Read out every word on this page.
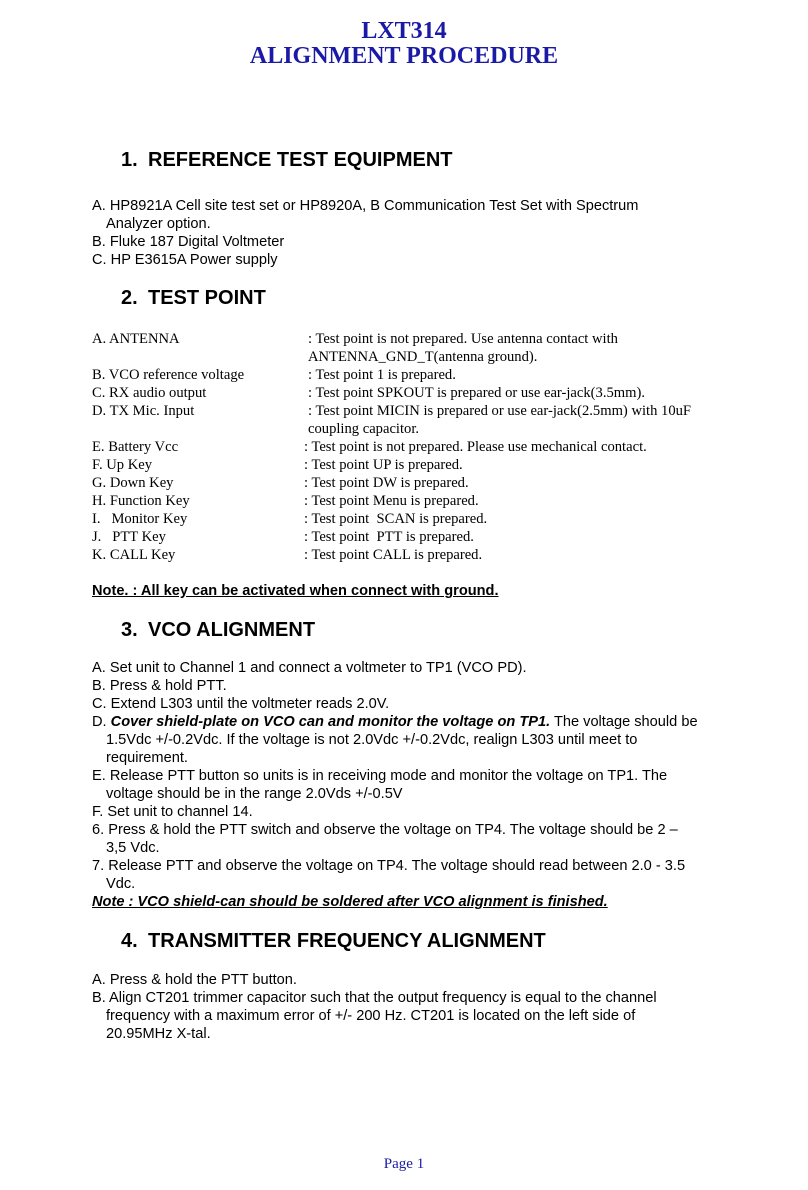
LXT314
ALIGNMENT PROCEDURE
1. REFERENCE TEST EQUIPMENT
A. HP8921A Cell site test set or HP8920A, B Communication Test Set with Spectrum
Analyzer option.
B. Fluke 187 Digital Voltmeter
C. HP E3615A Power supply
2. TEST POINT
A. ANTENNA	: Test point is not prepared. Use antenna contact with
ANTENNA_GND_T(antenna ground).
B. VCO reference voltage	: Test point 1 is prepared.
C. RX audio output	: Test point SPKOUT is prepared or use ear-jack(3.5mm).
D. TX Mic. Input	: Test point MICIN is prepared or use ear-jack(2.5mm) with 10uF
coupling capacitor.
E. Battery Vcc	: Test point is not prepared. Please use mechanical contact.
F. Up Key	: Test point UP is prepared.
G. Down Key	: Test point DW is prepared.
H. Function Key	: Test point Menu is prepared.
I.   Monitor Key	: Test point  SCAN is prepared.
J.   PTT Key	: Test point  PTT is prepared.
K. CALL Key	: Test point CALL is prepared.
Note. : All key can be activated when connect with ground.
3. VCO ALIGNMENT
A. Set unit to Channel 1 and connect a voltmeter to TP1 (VCO PD).
B. Press & hold PTT.
C. Extend L303 until the voltmeter reads 2.0V.
D. Cover shield-plate on VCO can and monitor the voltage on TP1. The voltage should be
1.5Vdc +/-0.2Vdc. If the voltage is not 2.0Vdc +/-0.2Vdc, realign L303 until meet to
requirement.
E. Release PTT button so units is in receiving mode and monitor the voltage on TP1. The
voltage should be in the range 2.0Vds +/-0.5V
F. Set unit to channel 14.
6. Press & hold the PTT switch and observe the voltage on TP4. The voltage should be 2 –
3,5 Vdc.
7. Release PTT and observe the voltage on TP4. The voltage should read between 2.0 - 3.5
Vdc.
Note : VCO shield-can should be soldered after VCO alignment is finished.
4. TRANSMITTER FREQUENCY ALIGNMENT
A. Press & hold the PTT button.
B. Align CT201 trimmer capacitor such that the output frequency is equal to the channel
frequency with a maximum error of +/- 200 Hz. CT201 is located on the left side of
20.95MHz X-tal.
Page 1
